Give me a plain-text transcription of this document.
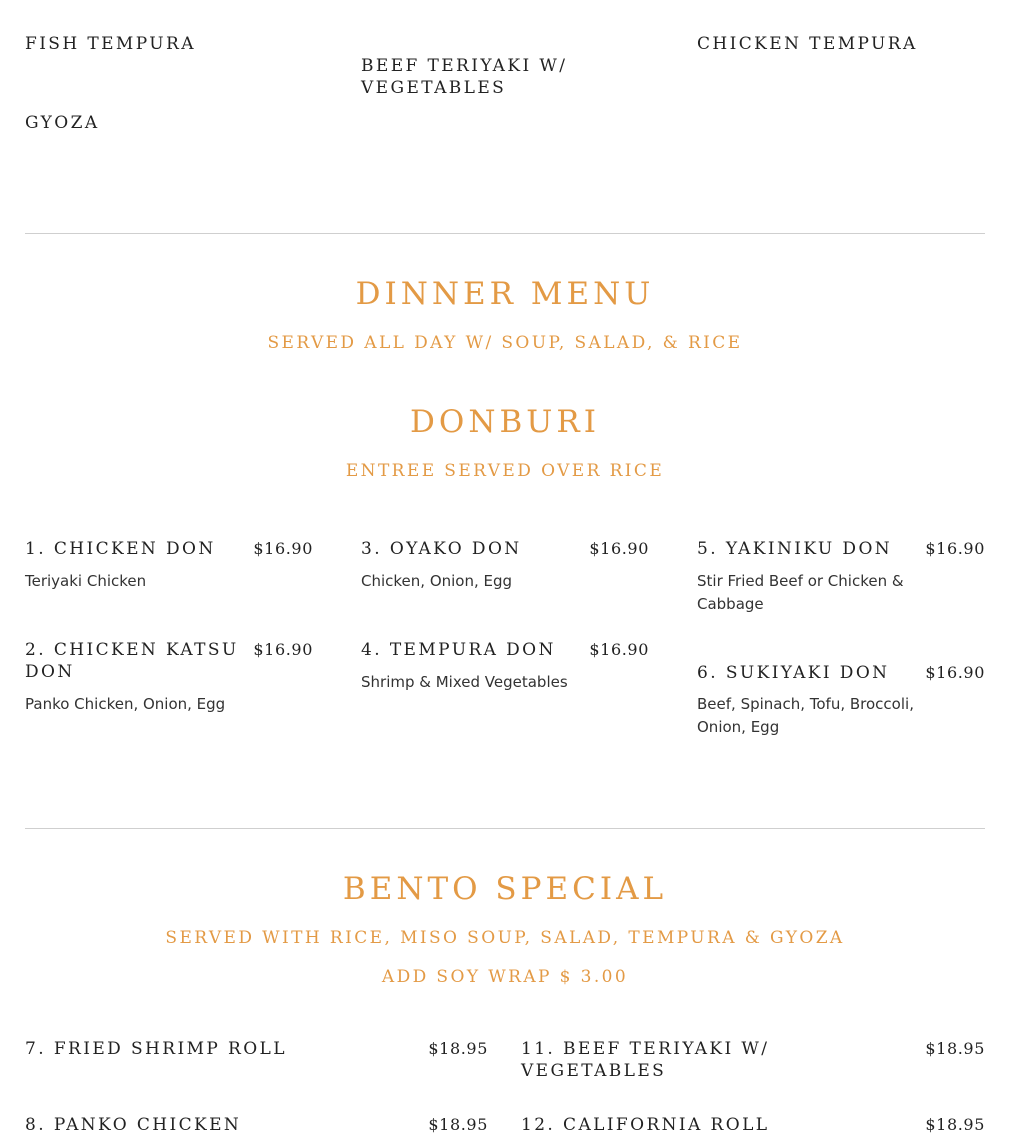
FISH TEMPURA
GYOZA
BEEF TERIYAKI W/ VEGETABLES
CHICKEN TEMPURA
DINNER MENU
SERVED ALL DAY W/ SOUP, SALAD, & RICE
DONBURI
ENTREE SERVED OVER RICE
1. CHICKEN DON	$16.90
Teriyaki Chicken
2. CHICKEN KATSU DON
$16.90
Panko Chicken, Onion, Egg
3. OYAKO DON	$16.90
Chicken, Onion, Egg
4. TEMPURA DON	$16.90
Shrimp & Mixed Vegetables
5. YAKINIKU DON	$16.90
Stir Fried Beef or Chicken & Cabbage
6. SUKIYAKI DON	$16.90
Beef, Spinach, Tofu, Broccoli, Onion, Egg
BENTO SPECIAL
SERVED WITH RICE, MISO SOUP, SALAD, TEMPURA & GYOZA
ADD SOY WRAP $ 3.00
7. FRIED SHRIMP ROLL	$18.95
8. PANKO CHICKEN	$18.95
11. BEEF TERIYAKI W/ VEGETABLES
$18.95
12. CALIFORNIA ROLL	$18.95
